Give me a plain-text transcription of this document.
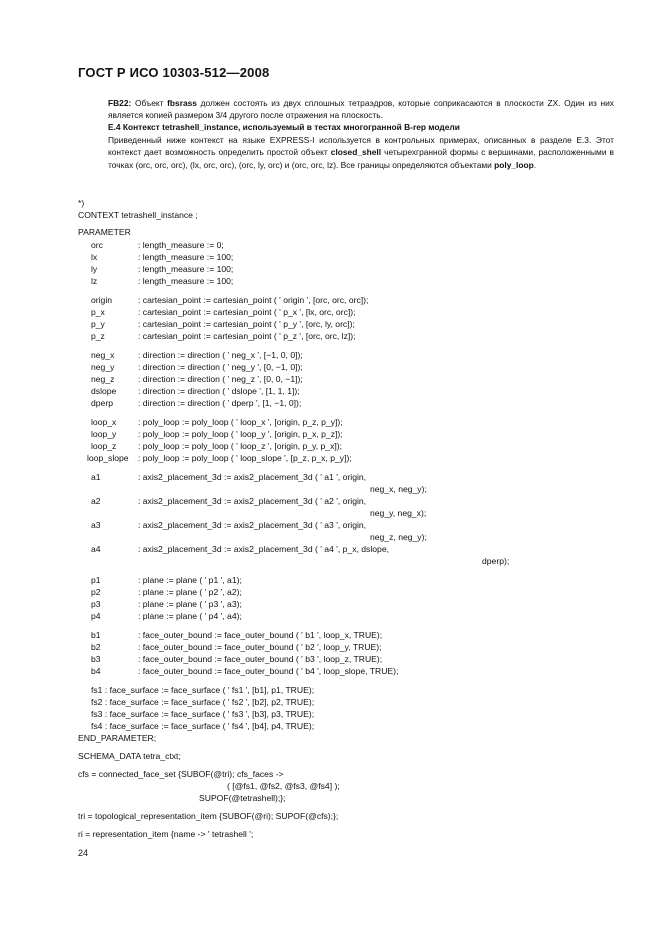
ГОСТ Р ИСО 10303-512—2008
FB22: Объект fbsrass должен состоять из двух сплошных тетраэдров, которые соприкасаются в плоскости ZX. Один из них является копией размером 3/4 другого после отражения на плоскость.
E.4 Контекст tetrashell_instance, используемый в тестах многогранной B-rep модели
Приведенный ниже контекст на языке EXPRESS-I используется в контрольных примерах, описанных в разделе E.3. Этот контекст дает возможность определить простой объект closed_shell четырехгранной формы с вершинами, расположенными в точках (orc, orc, orc), (lx, orc, orc), (orc, ly, orc) и (orc, orc, lz). Все границы определяются объектами poly_loop.
*)
CONTEXT tetrashell_instance ;
PARAMETER
orc	: length_measure := 0;
lx	: length_measure := 100;
ly	: length_measure := 100;
lz	: length_measure := 100;
origin	: cartesian_point := cartesian_point ( ' origin ', [orc, orc, orc]);
p_x	: cartesian_point := cartesian_point ( ' p_x ', [lx, orc, orc]);
p_y	: cartesian_point := cartesian_point ( ' p_y ', [orc, ly, orc]);
p_z	: cartesian_point := cartesian_point ( ' p_z ', [orc, orc, lz]);
neg_x	: direction := direction ( ' neg_x ', [−1, 0, 0]);
neg_y	: direction := direction ( ' neg_y ', [0, −1, 0]);
neg_z	: direction := direction ( ' neg_z ', [0, 0, −1]);
dslope	: direction := direction ( ' dslope ', [1, 1, 1]);
dperp	: direction := direction ( ' dperp ', [1, −1, 0]);
loop_x	: poly_loop := poly_loop ( ' loop_x ', [origin, p_z, p_y]);
loop_y	: poly_loop := poly_loop ( ' loop_y ', [origin, p_x, p_z]);
loop_z	: poly_loop := poly_loop ( ' loop_z ', [origin, p_y, p_x]);
loop_slope : poly_loop := poly_loop ( ' loop_slope ', [p_z, p_x, p_y]);
a1	: axis2_placement_3d := axis2_placement_3d ( ' a1 ', origin,
neg_x, neg_y);
a2	: axis2_placement_3d := axis2_placement_3d ( ' a2 ', origin,
neg_y, neg_x);
a3	: axis2_placement_3d := axis2_placement_3d ( ' a3 ', origin,
neg_z, neg_y);
a4	: axis2_placement_3d := axis2_placement_3d ( ' a4 ', p_x, dslope,
dperp);
p1	: plane := plane ( ' p1 ', a1);
p2	: plane := plane ( ' p2 ', a2);
p3	: plane := plane ( ' p3 ', a3);
p4	: plane := plane ( ' p4 ', a4);
b1	: face_outer_bound := face_outer_bound ( ' b1 ', loop_x, TRUE);
b2	: face_outer_bound := face_outer_bound ( ' b2 ', loop_y, TRUE);
b3	: face_outer_bound := face_outer_bound ( ' b3 ', loop_z, TRUE);
b4	: face_outer_bound := face_outer_bound ( ' b4 ', loop_slope, TRUE);
fs1 : face_surface := face_surface ( ' fs1 ', [b1], p1, TRUE);
fs2 : face_surface := face_surface ( ' fs2 ', [b2], p2, TRUE);
fs3 : face_surface := face_surface ( ' fs3 ', [b3], p3, TRUE);
fs4 : face_surface := face_surface ( ' fs4 ', [b4], p4, TRUE);
END_PARAMETER;
SCHEMA_DATA tetra_ctxt;
cfs = connected_face_set {SUBOF(@tri); cfs_faces ->
( [@fs1, @fs2, @fs3, @fs4] );
SUPOF(@tetrashell);};
tri = topological_representation_item {SUBOF(@ri); SUPOF(@cfs);};
ri = representation_item {name -> ' tetrashell ';
24
